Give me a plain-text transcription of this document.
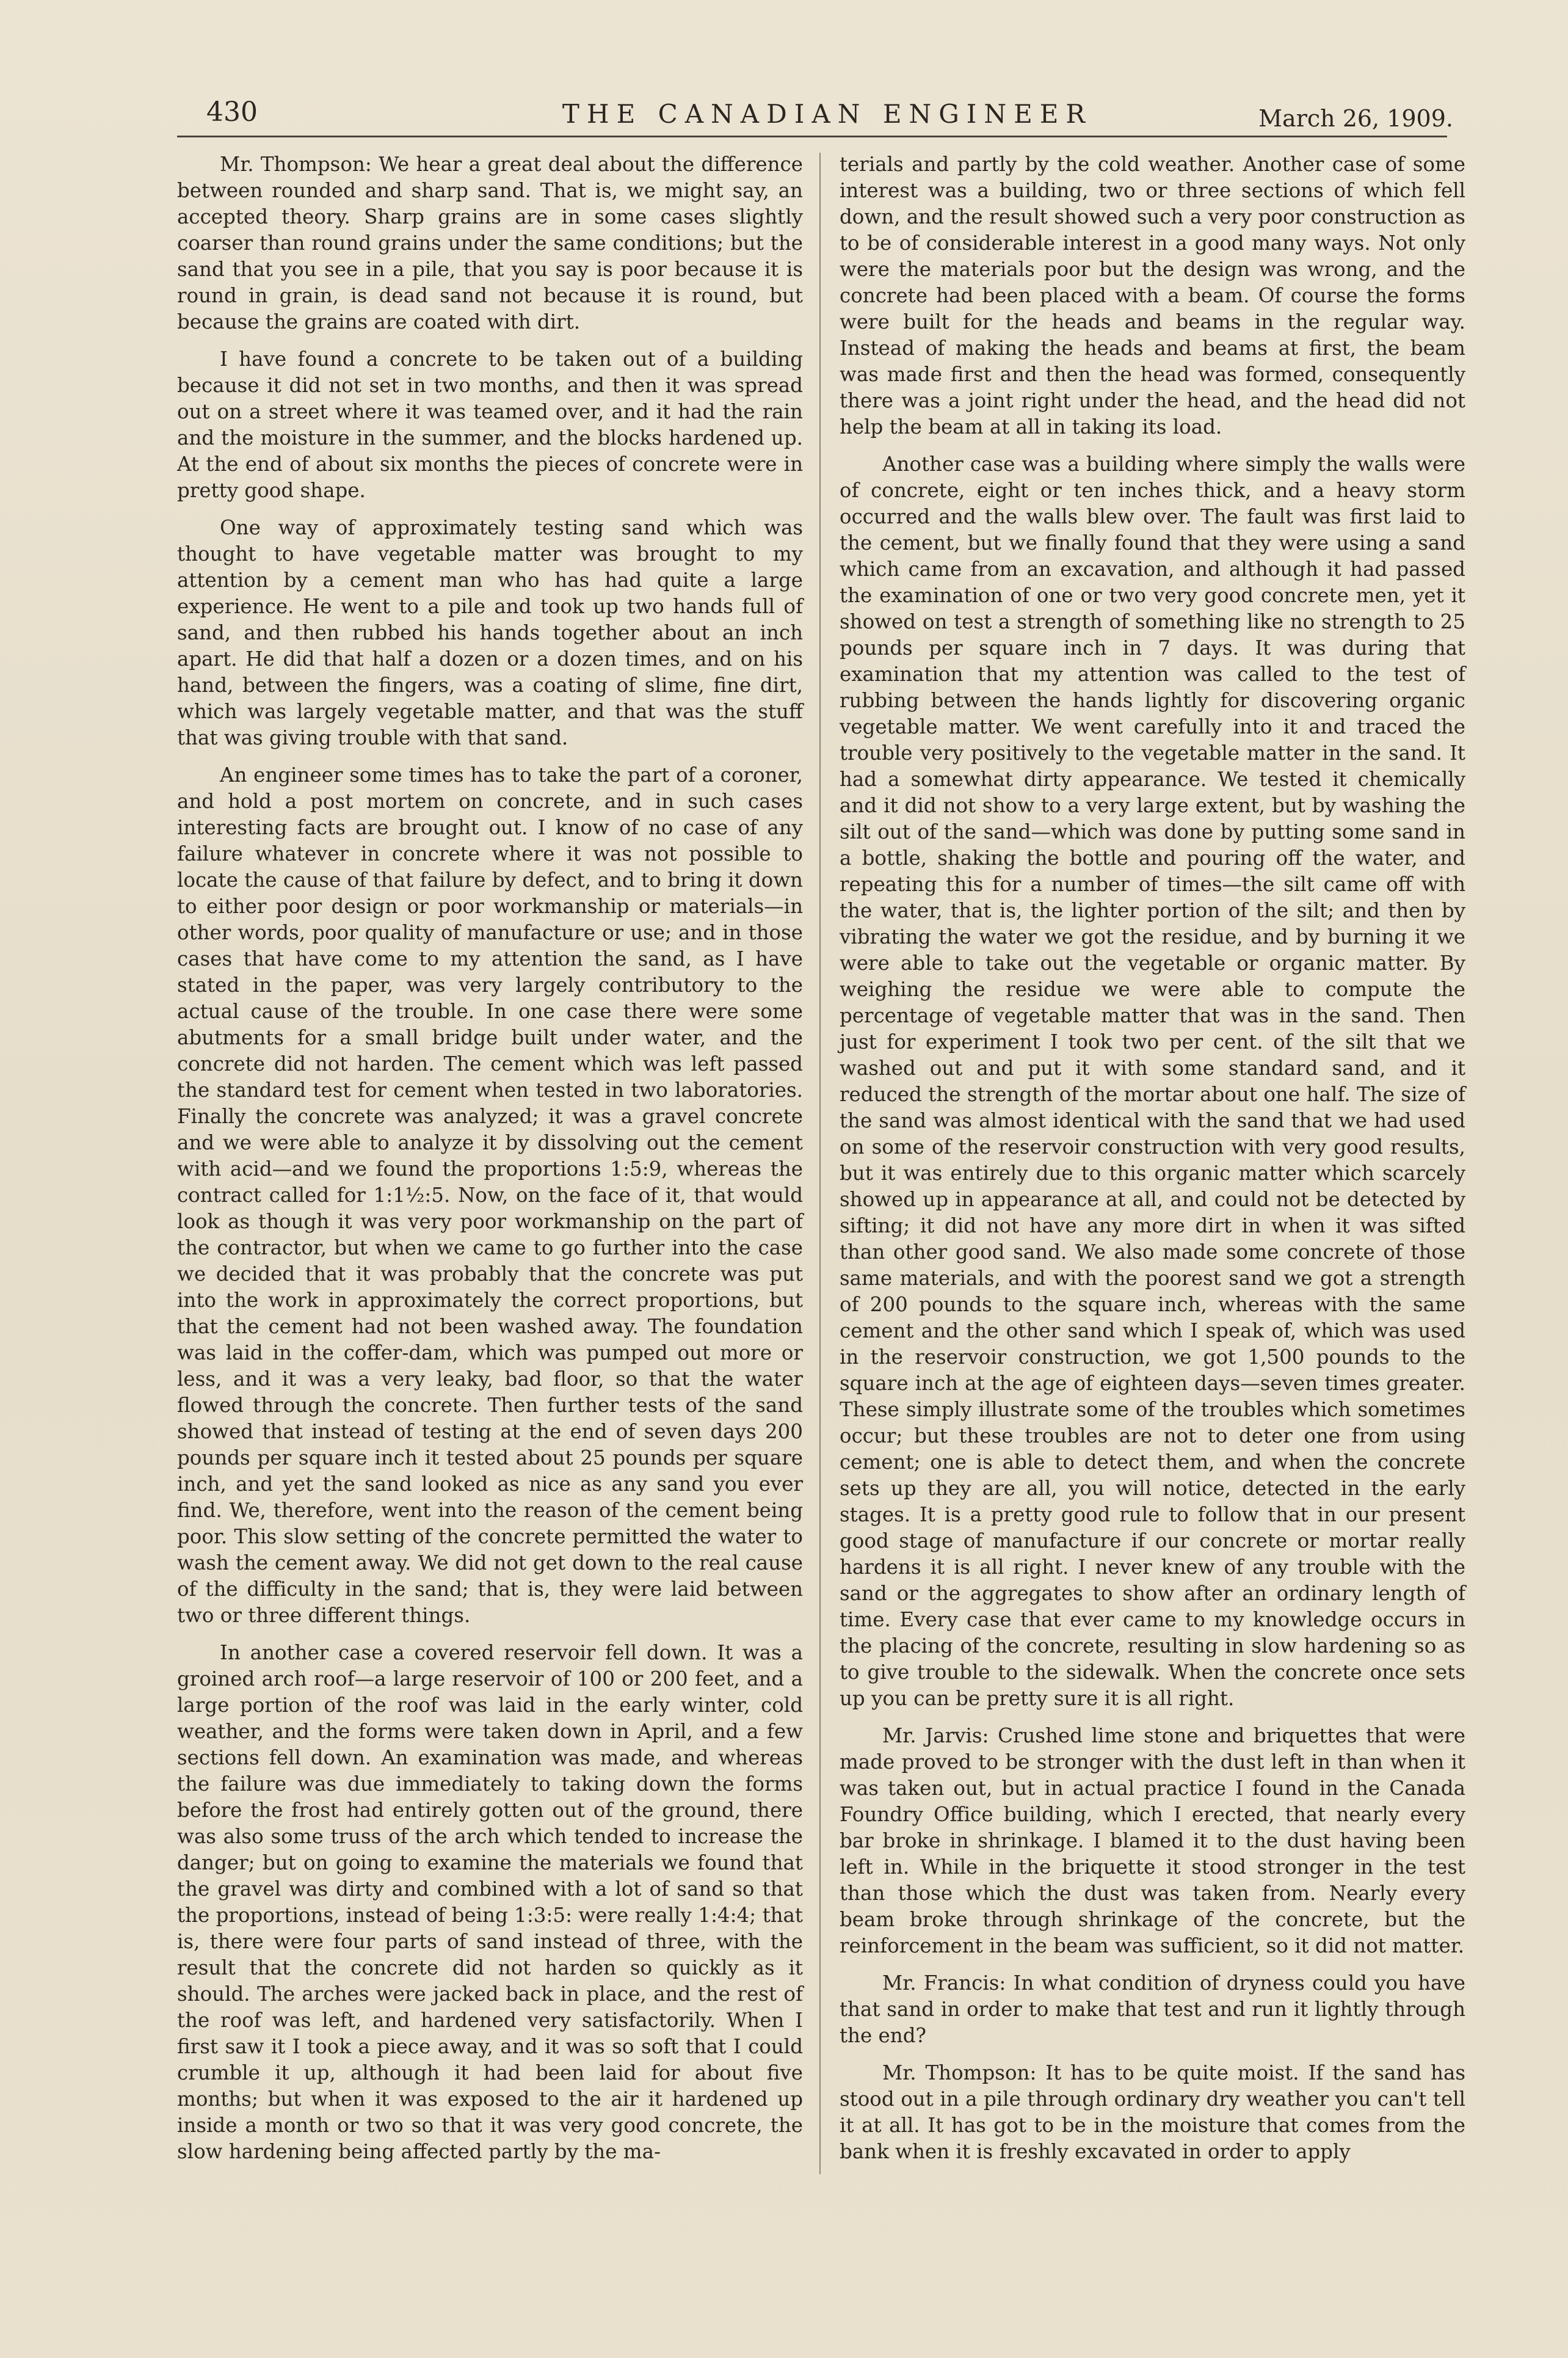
430	THE CANADIAN ENGINEER	March 26, 1909.

Mr. Thompson: We hear a great deal about the difference between rounded and sharp sand. That is, we might say, an accepted theory. Sharp grains are in some cases slightly coarser than round grains under the same conditions; but the sand that you see in a pile, that you say is poor because it is round in grain, is dead sand not because it is round, but because the grains are coated with dirt.

I have found a concrete to be taken out of a building because it did not set in two months, and then it was spread out on a street where it was teamed over, and it had the rain and the moisture in the summer, and the blocks hardened up. At the end of about six months the pieces of concrete were in pretty good shape.

One way of approximately testing sand which was thought to have vegetable matter was brought to my attention by a cement man who has had quite a large experience. He went to a pile and took up two hands full of sand, and then rubbed his hands together about an inch apart. He did that half a dozen or a dozen times, and on his hand, between the fingers, was a coating of slime, fine dirt, which was largely vegetable matter, and that was the stuff that was giving trouble with that sand.

An engineer some times has to take the part of a coroner, and hold a post mortem on concrete, and in such cases interesting facts are brought out. I know of no case of any failure whatever in concrete where it was not possible to locate the cause of that failure by defect, and to bring it down to either poor design or poor workmanship or materials—in other words, poor quality of manufacture or use; and in those cases that have come to my attention the sand, as I have stated in the paper, was very largely contributory to the actual cause of the trouble. In one case there were some abutments for a small bridge built under water, and the concrete did not harden. The cement which was left passed the standard test for cement when tested in two laboratories. Finally the concrete was analyzed; it was a gravel concrete and we were able to analyze it by dissolving out the cement with acid—and we found the proportions 1:5:9, whereas the contract called for 1:1½:5. Now, on the face of it, that would look as though it was very poor workmanship on the part of the contractor, but when we came to go further into the case we decided that it was probably that the concrete was put into the work in approximately the correct proportions, but that the cement had not been washed away. The foundation was laid in the coffer-dam, which was pumped out more or less, and it was a very leaky, bad floor, so that the water flowed through the concrete. Then further tests of the sand showed that instead of testing at the end of seven days 200 pounds per square inch it tested about 25 pounds per square inch, and yet the sand looked as nice as any sand you ever find. We, therefore, went into the reason of the cement being poor. This slow setting of the concrete permitted the water to wash the cement away. We did not get down to the real cause of the difficulty in the sand; that is, they were laid between two or three different things.

In another case a covered reservoir fell down. It was a groined arch roof—a large reservoir of 100 or 200 feet, and a large portion of the roof was laid in the early winter, cold weather, and the forms were taken down in April, and a few sections fell down. An examination was made, and whereas the failure was due immediately to taking down the forms before the frost had entirely gotten out of the ground, there was also some truss of the arch which tended to increase the danger; but on going to examine the materials we found that the gravel was dirty and combined with a lot of sand so that the proportions, instead of being 1:3:5: were really 1:4:4; that is, there were four parts of sand instead of three, with the result that the concrete did not harden so quickly as it should. The arches were jacked back in place, and the rest of the roof was left, and hardened very satisfactorily. When I first saw it I took a piece away, and it was so soft that I could crumble it up, although it had been laid for about five months; but when it was exposed to the air it hardened up inside a month or two so that it was very good concrete, the slow hardening being affected partly by the ma-

terials and partly by the cold weather. Another case of some interest was a building, two or three sections of which fell down, and the result showed such a very poor construction as to be of considerable interest in a good many ways. Not only were the materials poor but the design was wrong, and the concrete had been placed with a beam. Of course the forms were built for the heads and beams in the regular way. Instead of making the heads and beams at first, the beam was made first and then the head was formed, consequently there was a joint right under the head, and the head did not help the beam at all in taking its load.

Another case was a building where simply the walls were of concrete, eight or ten inches thick, and a heavy storm occurred and the walls blew over. The fault was first laid to the cement, but we finally found that they were using a sand which came from an excavation, and although it had passed the examination of one or two very good concrete men, yet it showed on test a strength of something like no strength to 25 pounds per square inch in 7 days. It was during that examination that my attention was called to the test of rubbing between the hands lightly for discovering organic vegetable matter. We went carefully into it and traced the trouble very positively to the vegetable matter in the sand. It had a somewhat dirty appearance. We tested it chemically and it did not show to a very large extent, but by washing the silt out of the sand—which was done by putting some sand in a bottle, shaking the bottle and pouring off the water, and repeating this for a number of times—the silt came off with the water, that is, the lighter portion of the silt; and then by vibrating the water we got the residue, and by burning it we were able to take out the vegetable or organic matter. By weighing the residue we were able to compute the percentage of vegetable matter that was in the sand. Then just for experiment I took two per cent. of the silt that we washed out and put it with some standard sand, and it reduced the strength of the mortar about one half. The size of the sand was almost identical with the sand that we had used on some of the reservoir construction with very good results, but it was entirely due to this organic matter which scarcely showed up in appearance at all, and could not be detected by sifting; it did not have any more dirt in when it was sifted than other good sand. We also made some concrete of those same materials, and with the poorest sand we got a strength of 200 pounds to the square inch, whereas with the same cement and the other sand which I speak of, which was used in the reservoir construction, we got 1,500 pounds to the square inch at the age of eighteen days—seven times greater. These simply illustrate some of the troubles which sometimes occur; but these troubles are not to deter one from using cement; one is able to detect them, and when the concrete sets up they are all, you will notice, detected in the early stages. It is a pretty good rule to follow that in our present good stage of manufacture if our concrete or mortar really hardens it is all right. I never knew of any trouble with the sand or the aggregates to show after an ordinary length of time. Every case that ever came to my knowledge occurs in the placing of the concrete, resulting in slow hardening so as to give trouble to the sidewalk. When the concrete once sets up you can be pretty sure it is all right.

Mr. Jarvis: Crushed lime stone and briquettes that were made proved to be stronger with the dust left in than when it was taken out, but in actual practice I found in the Canada Foundry Office building, which I erected, that nearly every bar broke in shrinkage. I blamed it to the dust having been left in. While in the briquette it stood stronger in the test than those which the dust was taken from. Nearly every beam broke through shrinkage of the concrete, but the reinforcement in the beam was sufficient, so it did not matter.

Mr. Francis: In what condition of dryness could you have that sand in order to make that test and run it lightly through the end?

Mr. Thompson: It has to be quite moist. If the sand has stood out in a pile through ordinary dry weather you can't tell it at all. It has got to be in the moisture that comes from the bank when it is freshly excavated in order to apply
